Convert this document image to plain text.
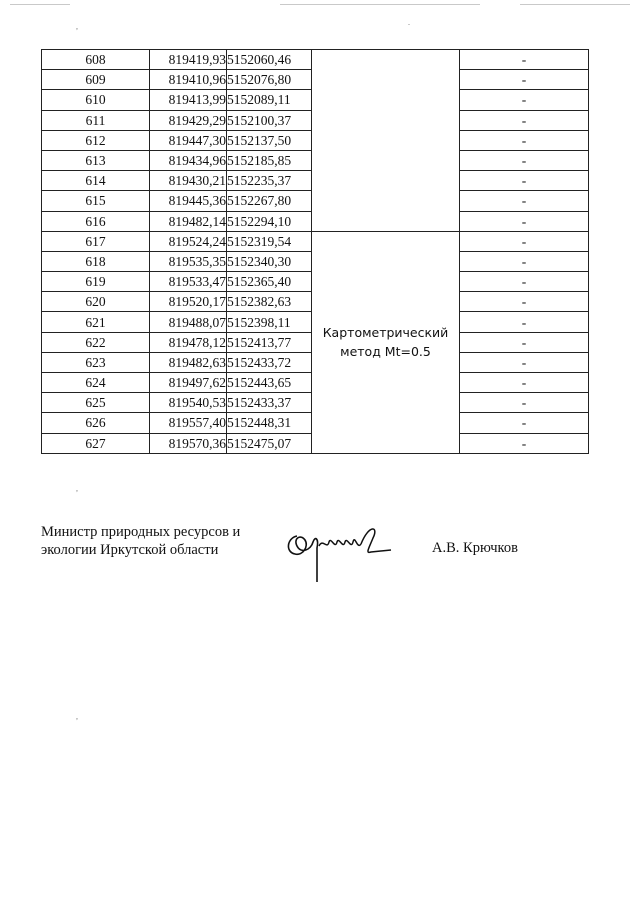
,	.
,
,
608	819419,93	5152060,46		-
609	819410,96	5152076,80		-
610	819413,99	5152089,11		-
611	819429,29	5152100,37		-
612	819447,30	5152137,50		-
613	819434,96	5152185,85		-
614	819430,21	5152235,37		-
615	819445,36	5152267,80		-
616	819482,14	5152294,10		-
617	819524,24	5152319,54	Картометрический
метод Mt=0.5	-
618	819535,35	5152340,30		-
619	819533,47	5152365,40		-
620	819520,17	5152382,63		-
621	819488,07	5152398,11		-
622	819478,12	5152413,77		-
623	819482,63	5152433,72		-
624	819497,62	5152443,65		-
625	819540,53	5152433,37		-
626	819557,40	5152448,31		-
627	819570,36	5152475,07		-
Министр природных ресурсов и
экологии Иркутской области	А.В. Крючков
